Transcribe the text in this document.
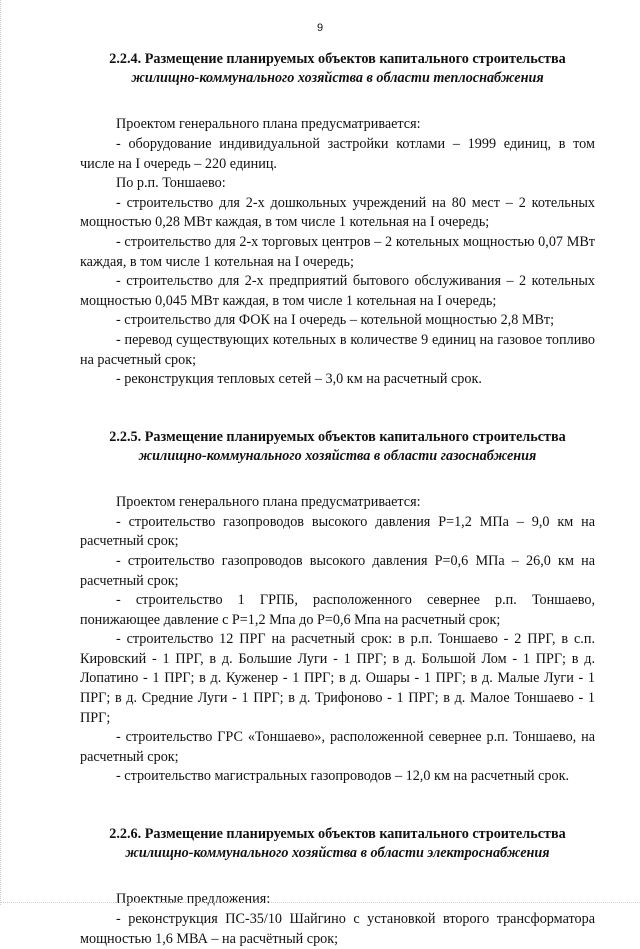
9
2.2.4. Размещение планируемых объектов капитального строительства
жилищно-коммунального хозяйства в области теплоснабжения

Проектом генерального плана предусматривается:

- оборудование индивидуальной застройки котлами – 1999 единиц, в том числе на I очередь – 220 единиц.

По р.п. Тоншаево:

- строительство для 2-х дошкольных учреждений на 80 мест – 2 котельных мощностью 0,28 МВт каждая, в том числе 1 котельная на I очередь;

- строительство для 2-х торговых центров – 2 котельных мощностью 0,07 МВт каждая, в том числе 1 котельная на I очередь;

- строительство для 2-х предприятий бытового обслуживания – 2 котельных мощностью 0,045 МВт каждая, в том числе 1 котельная на I очередь;

- строительство для ФОК на I очередь – котельной мощностью 2,8 МВт;

- перевод существующих котельных в количестве 9 единиц на газовое топливо на расчетный срок;

- реконструкция тепловых сетей – 3,0 км на расчетный срок.

2.2.5. Размещение планируемых объектов капитального строительства
жилищно-коммунального хозяйства в области газоснабжения

Проектом генерального плана предусматривается:

- строительство газопроводов высокого давления Р=1,2 МПа – 9,0 км на расчетный срок;

- строительство газопроводов высокого давления Р=0,6 МПа – 26,0 км на расчетный срок;

- строительство 1 ГРПБ, расположенного севернее р.п. Тоншаево, понижающее давление с Р=1,2 Мпа до Р=0,6 Мпа на расчетный срок;

- строительство 12 ПРГ на расчетный срок: в р.п. Тоншаево - 2 ПРГ, в с.п. Кировский - 1 ПРГ, в д. Большие Луги - 1 ПРГ; в д. Большой Лом - 1 ПРГ; в д. Лопатино - 1 ПРГ; в д. Куженер - 1 ПРГ; в д. Ошары - 1 ПРГ; в д. Малые Луги - 1 ПРГ; в д. Средние Луги - 1 ПРГ; в д. Трифоново - 1 ПРГ; в д. Малое Тоншаево - 1 ПРГ;

- строительство ГРС «Тоншаево», расположенной севернее р.п. Тоншаево, на расчетный срок;

- строительство магистральных газопроводов – 12,0 км на расчетный срок.

2.2.6. Размещение планируемых объектов капитального строительства
жилищно-коммунального хозяйства в области электроснабжения

Проектные предложения:

- реконструкция ПС-35/10 Шайгино с установкой второго трансформатора мощностью 1,6 МВА – на расчётный срок;
